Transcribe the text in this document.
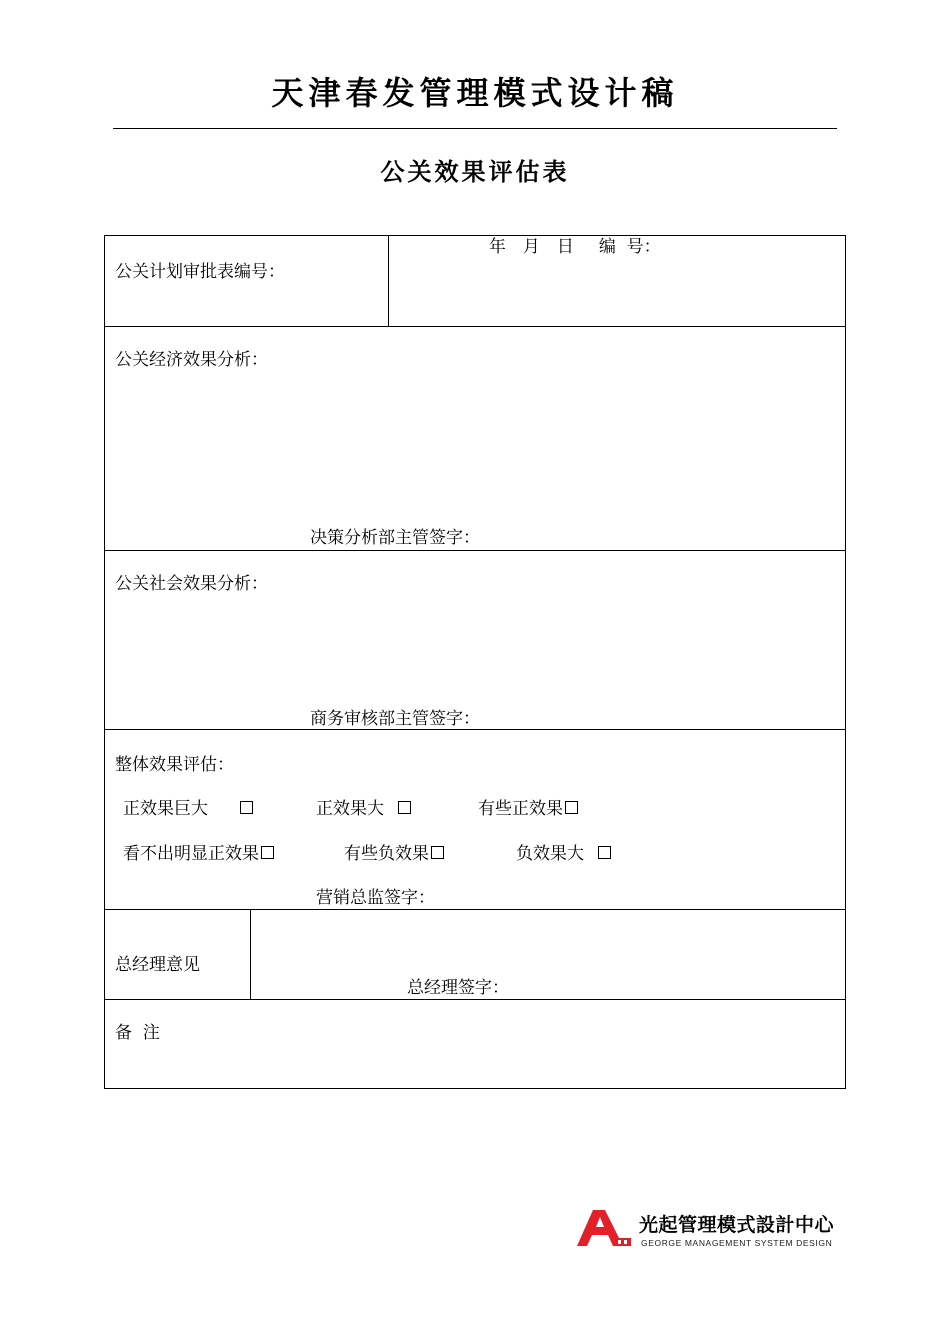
天津春发管理模式设计稿
公关效果评估表

年 月 日 编  号：

公关计划审批表编号：
公关经济效果分析：
决策分析部主管签字：
公关社会效果分析：
商务审核部主管签字：
整体效果评估：
正效果巨大	正效果大	有些正效果
看不出明显正效果	有些负效果	负效果大
营销总监签字：
总经理意见
总经理签字：
备  注
光起管理模式設計中心
GEORGE MANAGEMENT SYSTEM DESIGN
